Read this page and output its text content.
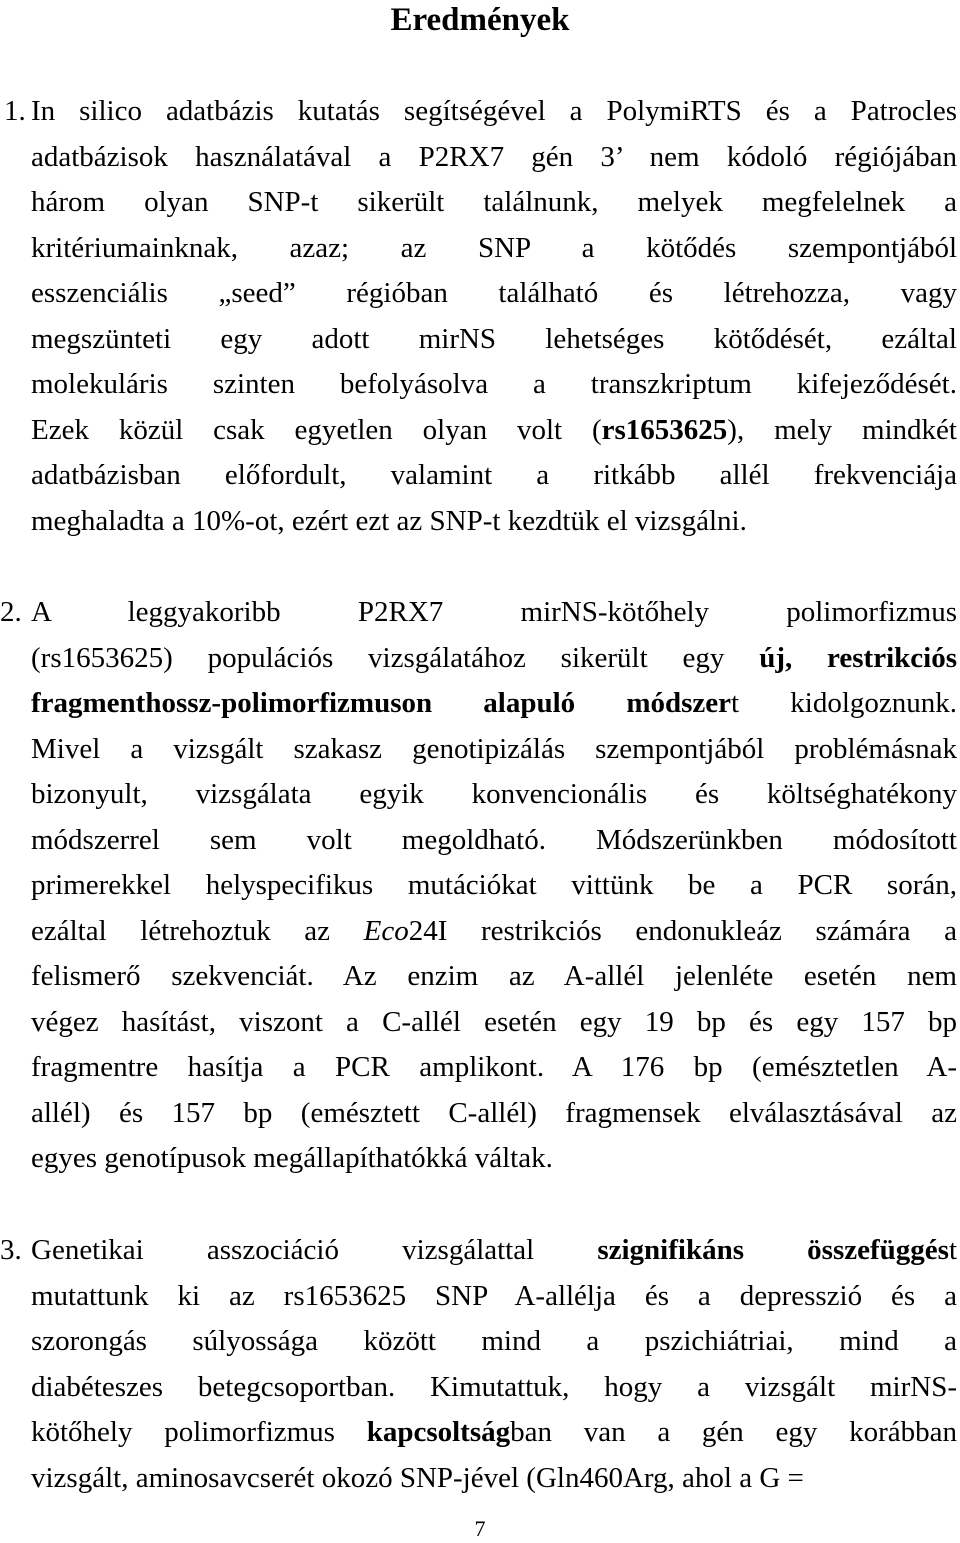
Eredmények
1. In silico adatbázis kutatás segítségével a PolymiRTS és a Patrocles
adatbázisok használatával a P2RX7 gén 3’ nem kódoló régiójában
három olyan SNP-t sikerült találnunk, melyek megfelelnek a
kritériumainknak, azaz; az SNP a kötődés szempontjából
esszenciális „seed” régióban található és létrehozza, vagy
megszünteti egy adott mirNS lehetséges kötődését, ezáltal
molekuláris szinten befolyásolva a transzkriptum kifejeződését.
Ezek közül csak egyetlen olyan volt (rs1653625), mely mindkét
adatbázisban előfordult, valamint a ritkább allél frekvenciája
meghaladta a 10%-ot, ezért ezt az SNP-t kezdtük el vizsgálni.
2. A leggyakoribb P2RX7 mirNS-kötőhely polimorfizmus
(rs1653625) populációs vizsgálatához sikerült egy új, restrikciós
fragmenthossz-polimorfizmuson alapuló módszert kidolgoznunk.
Mivel a vizsgált szakasz genotipizálás szempontjából problémásnak
bizonyult, vizsgálata egyik konvencionális és költséghatékony
módszerrel sem volt megoldható. Módszerünkben módosított
primerekkel helyspecifikus mutációkat vittünk be a PCR során,
ezáltal létrehoztuk az Eco24I restrikciós endonukleáz számára a
felismerő szekvenciát. Az enzim az A-allél jelenléte esetén nem
végez hasítást, viszont a C-allél esetén egy 19 bp és egy 157 bp
fragmentre hasítja a PCR amplikont. A 176 bp (emésztetlen A-
allél) és 157 bp (emésztett C-allél) fragmensek elválasztásával az
egyes genotípusok megállapíthatókká váltak.
3. Genetikai asszociáció vizsgálattal szignifikáns összefüggést
mutattunk ki az rs1653625 SNP A-alléljа és a depresszió és a
szorongás súlyossága között mind a pszichiátriai, mind a
diabéteszes betegcsoportban. Kimutattuk, hogy a vizsgált mirNS-
kötőhely polimorfizmus kapcsoltságban van a gén egy korábban
vizsgált, aminosavcserét okozó SNP-jével (Gln460Arg, ahol a G =
7
